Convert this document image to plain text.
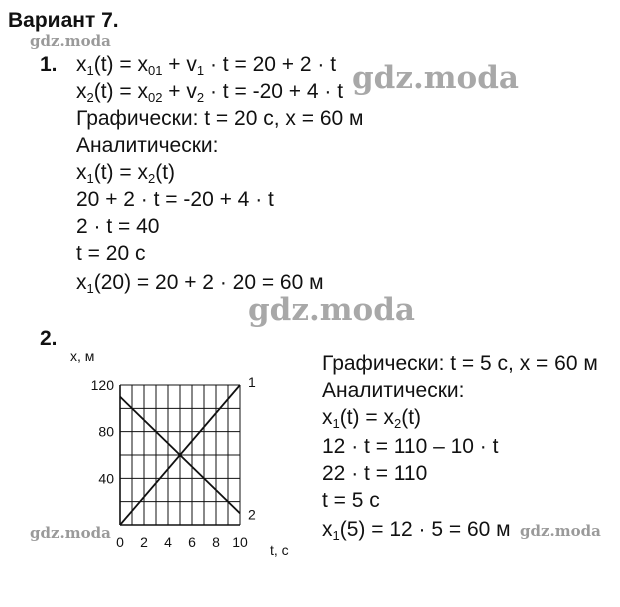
Вариант 7.
gdz.moda
gdz.moda
gdz.moda
gdz.moda	gdz.moda
1. $x_1(t) = x_{01} + v_1 \cdot t = 20 + 2 \cdot t$
$x_2(t) = x_{02} + v_2 \cdot t = -20 + 4 \cdot t$
Графически: t = 20 с, x = 60 м
Аналитически:
$x_1(t) = x_2(t)$
20 + 2 · t = -20 + 4 · t
2 · t = 40
t = 20 с
$x_1(20) = 20 + 2 \cdot 20 = 60$ м
2.
1
2
0 2 4 6 8 10
40
80
120
x, м
t, с
Графически: t = 5 с, x = 60 м
Аналитически:
$x_1(t) = x_2(t)$
12 · t = 110 – 10 · t
22 · t = 110
t = 5 с
$x_1(5) = 12 \cdot 5 = 60$ м
